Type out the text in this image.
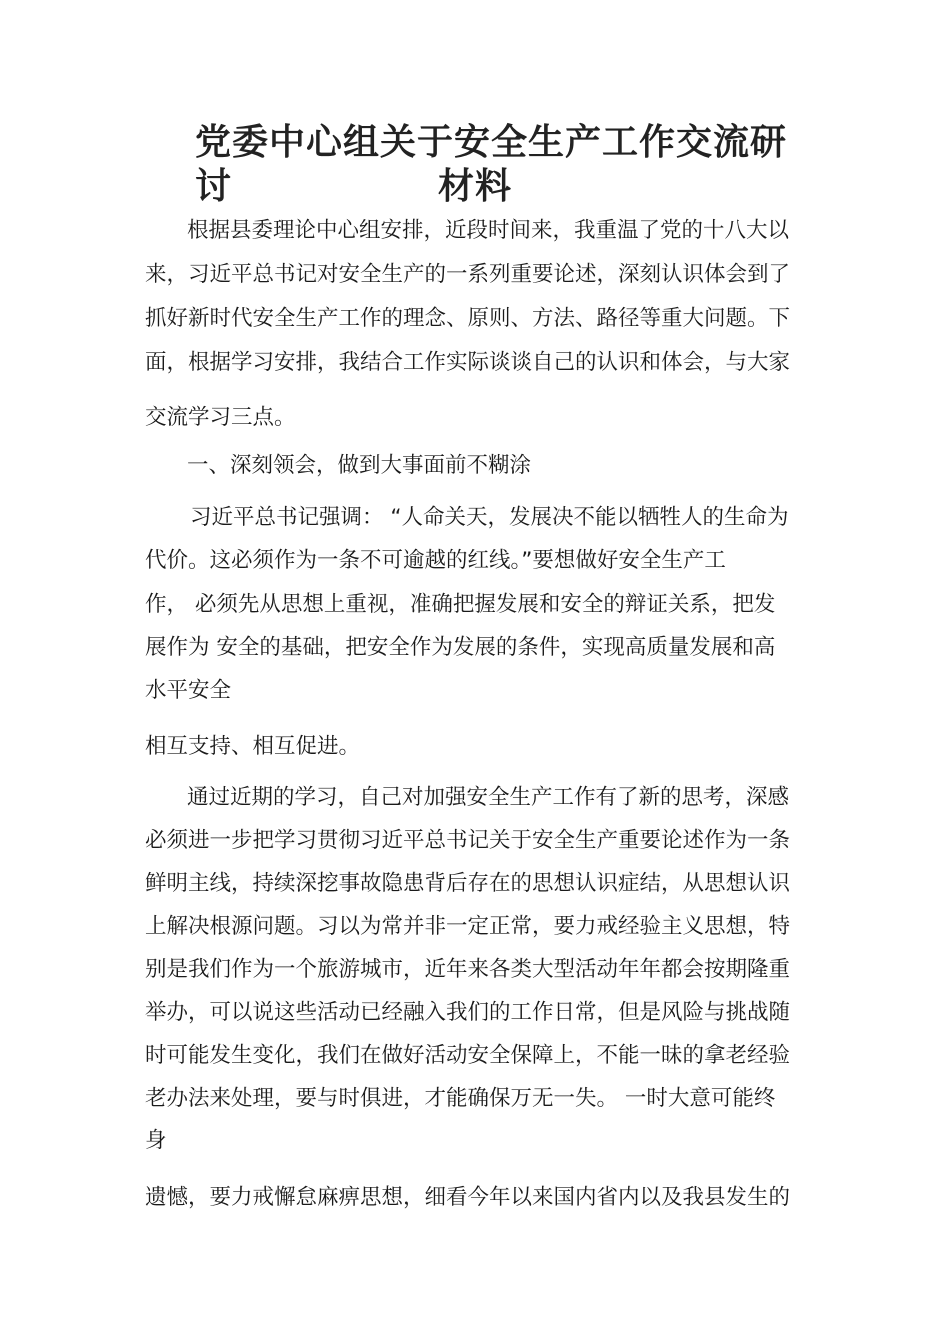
党委中心组关于安全生产工作交流研讨	材料

根据县委理论中心组安排，近段时间来，我重温了党的十八大以

来，习近平总书记对安全生产的一系列重要论述，深刻认识体会到了

抓好新时代安全生产工作的理念、原则、方法、路径等重大问题。下

面，根据学习安排，我结合工作实际谈谈自己的认识和体会，与大家

交流学习三点。

一、深刻领会，做到大事面前不糊涂

习近平总书记强调： “人命关天，发展决不能以牺牲人的生命为

代价。这必须作为一条不可逾越的红线。”要想做好安全生产工

作， 必须先从思想上重视，准确把握发展和安全的辩证关系，把发

展作为 安全的基础，把安全作为发展的条件，实现高质量发展和高

水平安全

相互支持、相互促进。

通过近期的学习，自己对加强安全生产工作有了新的思考，深感

必须进一步把学习贯彻习近平总书记关于安全生产重要论述作为一条

鲜明主线，持续深挖事故隐患背后存在的思想认识症结，从思想认识

上解决根源问题。习以为常并非一定正常，要力戒经验主义思想，特

别是我们作为一个旅游城市，近年来各类大型活动年年都会按期隆重

举办，可以说这些活动已经融入我们的工作日常，但是风险与挑战随

时可能发生变化，我们在做好活动安全保障上，不能一昧的拿老经验

老办法来处理，要与时俱进，才能确保万无一失。 一时大意可能终

身

遗憾，要力戒懈怠麻痹思想，细看今年以来国内省内以及我县发生的
